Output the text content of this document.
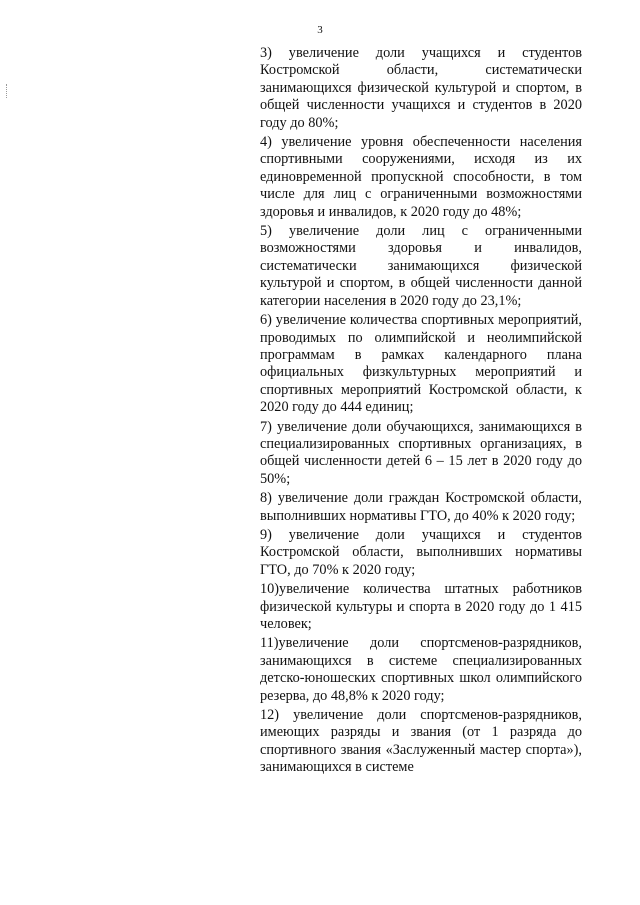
3

3) увеличение доли учащихся и студентов Костромской области, систематически занимающихся физической культурой и спортом, в общей численности учащихся и студентов в 2020 году до 80%;

4) увеличение уровня обеспеченности населения спортивными сооружениями, исходя из их единовременной пропускной способности, в том числе для лиц с ограниченными возможностями здоровья и инвалидов, к 2020 году до 48%;

5) увеличение доли лиц с ограниченными возможностями здоровья и инвалидов, систематически занимающихся физической культурой и спортом, в общей численности данной категории населения в 2020 году до 23,1%;

6) увеличение количества спортивных мероприятий, проводимых по олимпийской и неолимпийской программам в рамках календарного плана официальных физкультурных мероприятий и спортивных мероприятий Костромской области, к 2020 году до 444 единиц;

7) увеличение доли обучающихся, занимающихся в специализированных спортивных организациях, в общей численности детей 6 – 15 лет в 2020 году до 50%;

8) увеличение доли граждан Костромской области, выполнивших нормативы ГТО, до 40% к 2020 году;

9) увеличение доли учащихся и студентов Костромской области, выполнивших нормативы ГТО, до 70% к 2020 году;

10)увеличение количества штатных работников физической культуры и спорта в 2020 году до 1 415 человек;

11)увеличение доли спортсменов-разрядников, занимающихся в системе специализированных детско-юношеских спортивных школ олимпийского резерва, до 48,8% к 2020 году;

12) увеличение доли спортсменов-разрядников, имеющих разряды и звания (от 1 разряда до спортивного звания «Заслуженный мастер спорта»), занимающихся в системе
